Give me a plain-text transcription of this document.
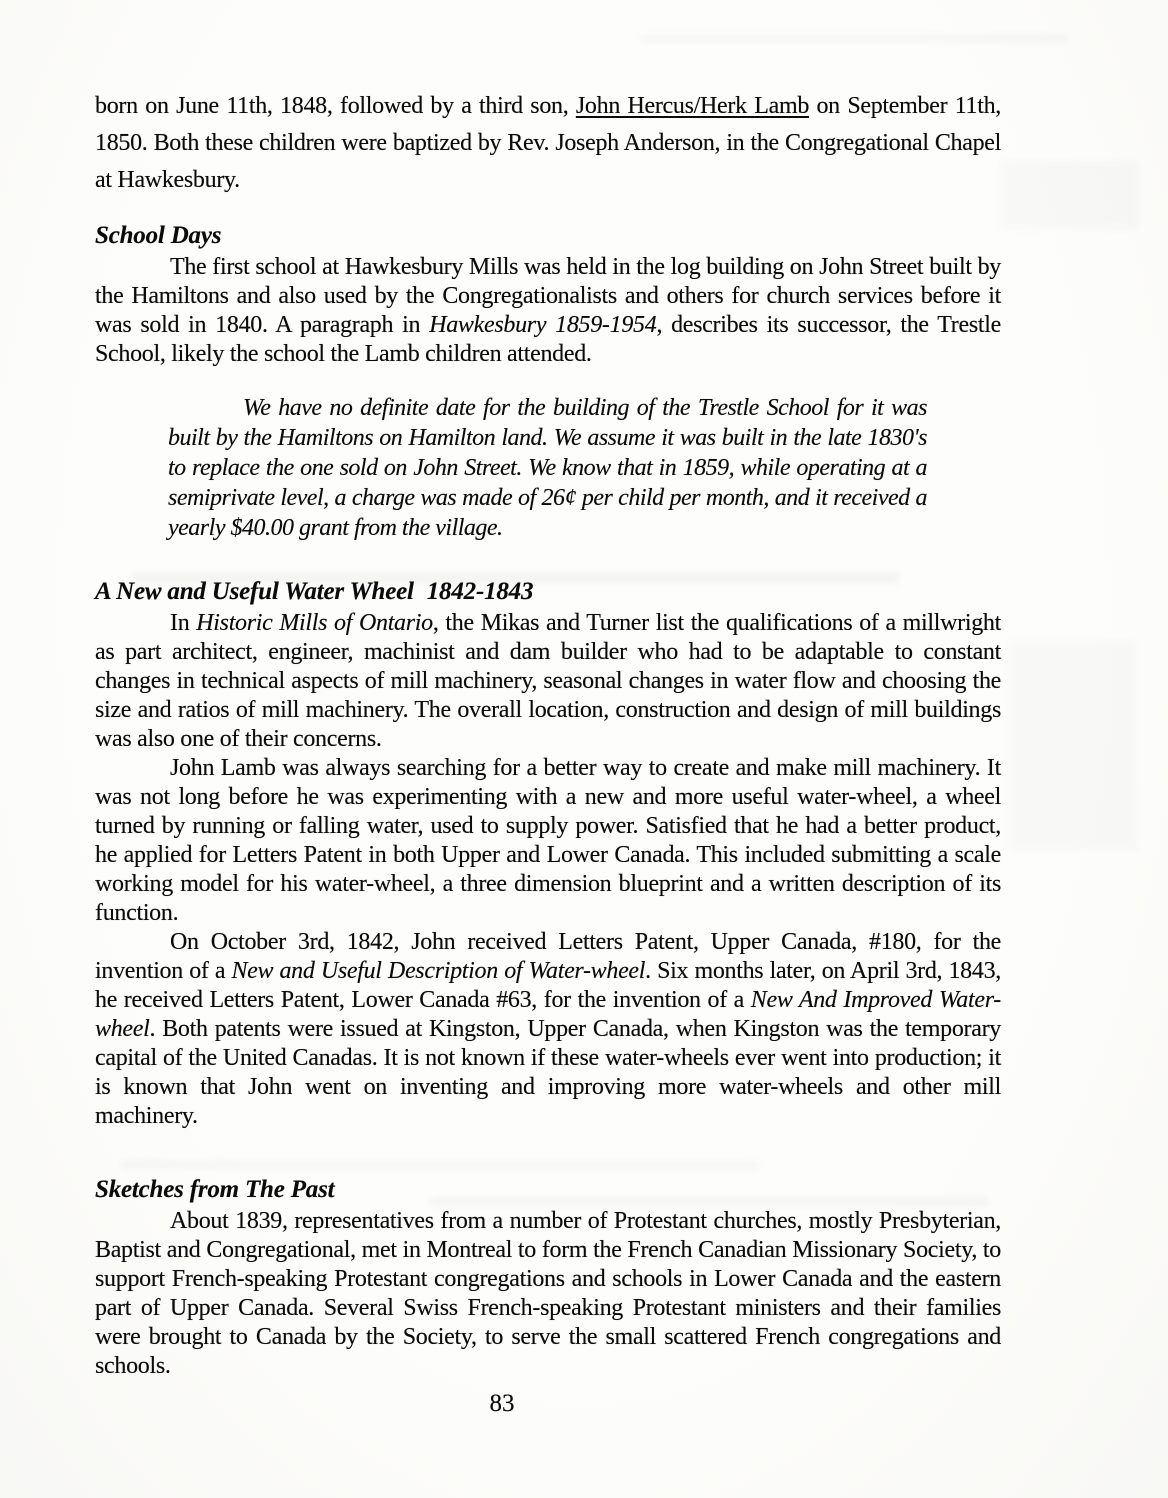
born on June 11th, 1848, followed by a third son, John Hercus/Herk Lamb on September 11th, 1850. Both these children were baptized by Rev. Joseph Anderson, in the Congregational Chapel at Hawkesbury.

School Days

The first school at Hawkesbury Mills was held in the log building on John Street built by the Hamiltons and also used by the Congregationalists and others for church services before it was sold in 1840. A paragraph in Hawkesbury 1859-1954, describes its successor, the Trestle School, likely the school the Lamb children attended.

We have no definite date for the building of the Trestle School for it was built by the Hamiltons on Hamilton land. We assume it was built in the late 1830's to replace the one sold on John Street. We know that in 1859, while operating at a semiprivate level, a charge was made of 26¢ per child per month, and it received a yearly $40.00 grant from the village.
A New and Useful Water Wheel 1842-1843

In Historic Mills of Ontario, the Mikas and Turner list the qualifications of a millwright as part architect, engineer, machinist and dam builder who had to be adaptable to constant changes in technical aspects of mill machinery, seasonal changes in water flow and choosing the size and ratios of mill machinery. The overall location, construction and design of mill buildings was also one of their concerns.

John Lamb was always searching for a better way to create and make mill machinery. It was not long before he was experimenting with a new and more useful water-wheel, a wheel turned by running or falling water, used to supply power. Satisfied that he had a better product, he applied for Letters Patent in both Upper and Lower Canada. This included submitting a scale working model for his water-wheel, a three dimension blueprint and a written description of its function.

On October 3rd, 1842, John received Letters Patent, Upper Canada, #180, for the invention of a New and Useful Description of Water-wheel. Six months later, on April 3rd, 1843, he received Letters Patent, Lower Canada #63, for the invention of a New And Improved Water-wheel. Both patents were issued at Kingston, Upper Canada, when Kingston was the temporary capital of the United Canadas. It is not known if these water-wheels ever went into production; it is known that John went on inventing and improving more water-wheels and other mill machinery.

Sketches from The Past

About 1839, representatives from a number of Protestant churches, mostly Presbyterian, Baptist and Congregational, met in Montreal to form the French Canadian Missionary Society, to support French-speaking Protestant congregations and schools in Lower Canada and the eastern part of Upper Canada. Several Swiss French-speaking Protestant ministers and their families were brought to Canada by the Society, to serve the small scattered French congregations and schools.

83
